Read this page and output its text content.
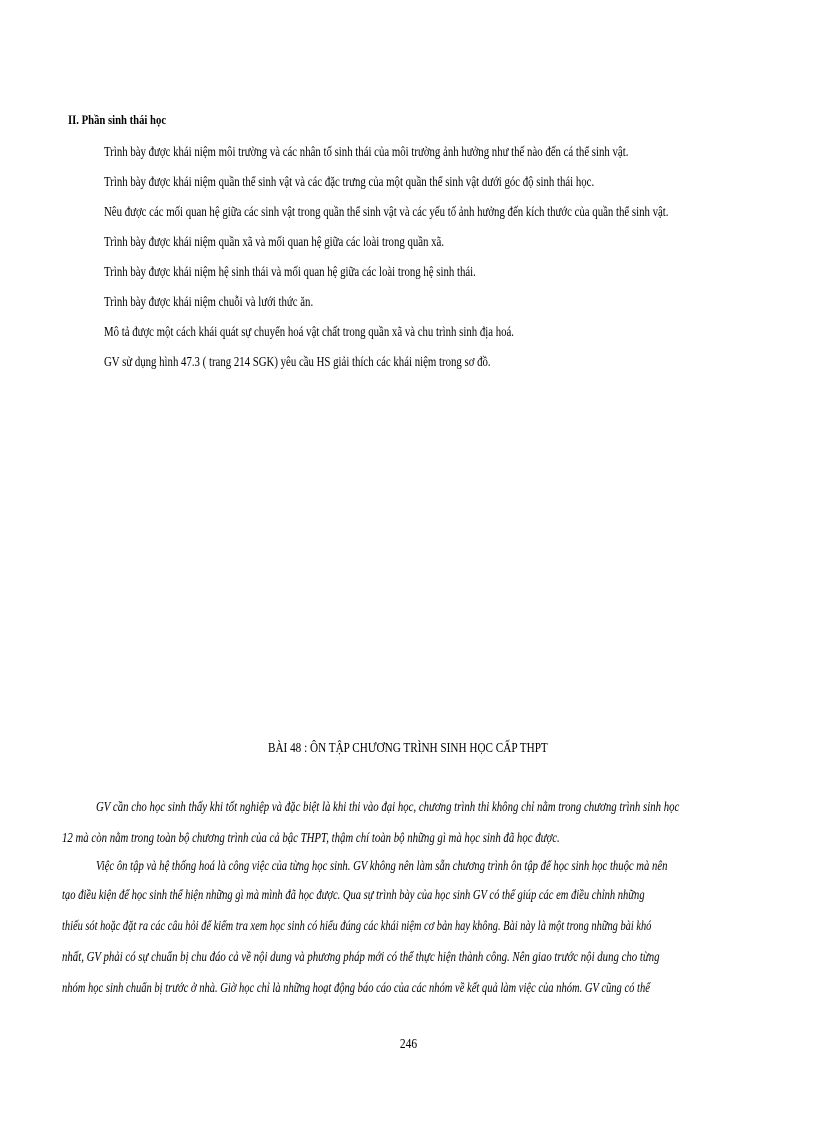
II. Phần sinh thái học
Trình bày được khái niệm môi trường và các nhân tố sinh thái của môi trường ảnh hưởng như thế nào đến cá thể sinh vật.
Trình bày được khái niệm quần thể sinh vật và các đặc trưng của một quần thể sinh vật dưới góc độ sinh thái học.
Nêu được các mối quan hệ giữa các sinh vật trong quần thể sinh vật và các yếu tố ảnh hưởng đến kích thước của quần thể sinh vật.
Trình bày được khái niệm quần xã và mối quan hệ giữa các loài trong quần xã.
Trình bày được khái niệm hệ sinh thái và mối quan hệ giữa các loài trong hệ sinh thái.
Trình bày được khái niệm chuỗi và lưới thức ăn.
Mô tả được một cách khái quát sự chuyển hoá vật chất trong quần xã và chu trình sinh địa hoá.
GV sử dụng hình 47.3 ( trang 214 SGK) yêu cầu HS giải thích các khái niệm trong sơ đồ.
BÀI 48 : ÔN TẬP CHƯƠNG TRÌNH SINH HỌC CẤP THPT
GV cần cho học sinh thấy khi tốt nghiệp và đặc biệt là khi thi vào đại học, chương trình thi không chỉ nằm trong chương trình sinh học
12 mà còn nằm trong toàn bộ chương trình của cả bậc THPT, thậm chí toàn bộ những gì mà học sinh đã học được.
Việc ôn tập và hệ thống hoá là công việc của từng học sinh. GV không nên làm sẵn chương trình ôn tập để học sinh học thuộc mà nên
tạo điều kiện để học sinh thể hiện những gì mà mình đã học được. Qua sự trình bày của học sinh GV có thể giúp các em điều chỉnh những
thiếu sót hoặc đặt ra các câu hỏi để kiểm tra xem học sinh có hiểu đúng các khái niệm cơ bản hay không. Bài này là một trong những bài khó
nhất, GV phải có sự chuẩn bị chu đáo cả về nội dung và phương pháp mới có thể thực hiện thành công. Nên giao trước nội dung cho từng
nhóm học sinh chuẩn bị trước ở nhà. Giờ học chỉ là những hoạt động báo cáo của các nhóm về kết quả làm việc của nhóm. GV cũng có thể
246
